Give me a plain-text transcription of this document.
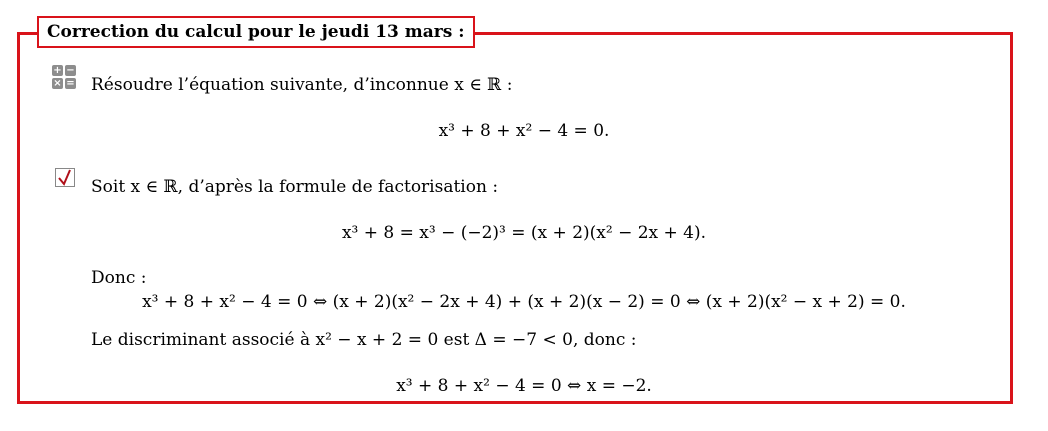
Correction du calcul pour le jeudi 13 mars :
+ −
× = Résoudre l’équation suivante, d’inconnue x ∈ ℝ :
x³ + 8 + x² − 4 = 0.
Soit x ∈ ℝ, d’après la formule de factorisation :
x³ + 8 = x³ − (−2)³ = (x + 2)(x² − 2x + 4).
Donc :
x³ + 8 + x² − 4 = 0 ⇔ (x + 2)(x² − 2x + 4) + (x + 2)(x − 2) = 0 ⇔ (x + 2)(x² − x + 2) = 0.
Le discriminant associé à x² − x + 2 = 0 est Δ = −7 < 0, donc :
x³ + 8 + x² − 4 = 0 ⇔ x = −2.
